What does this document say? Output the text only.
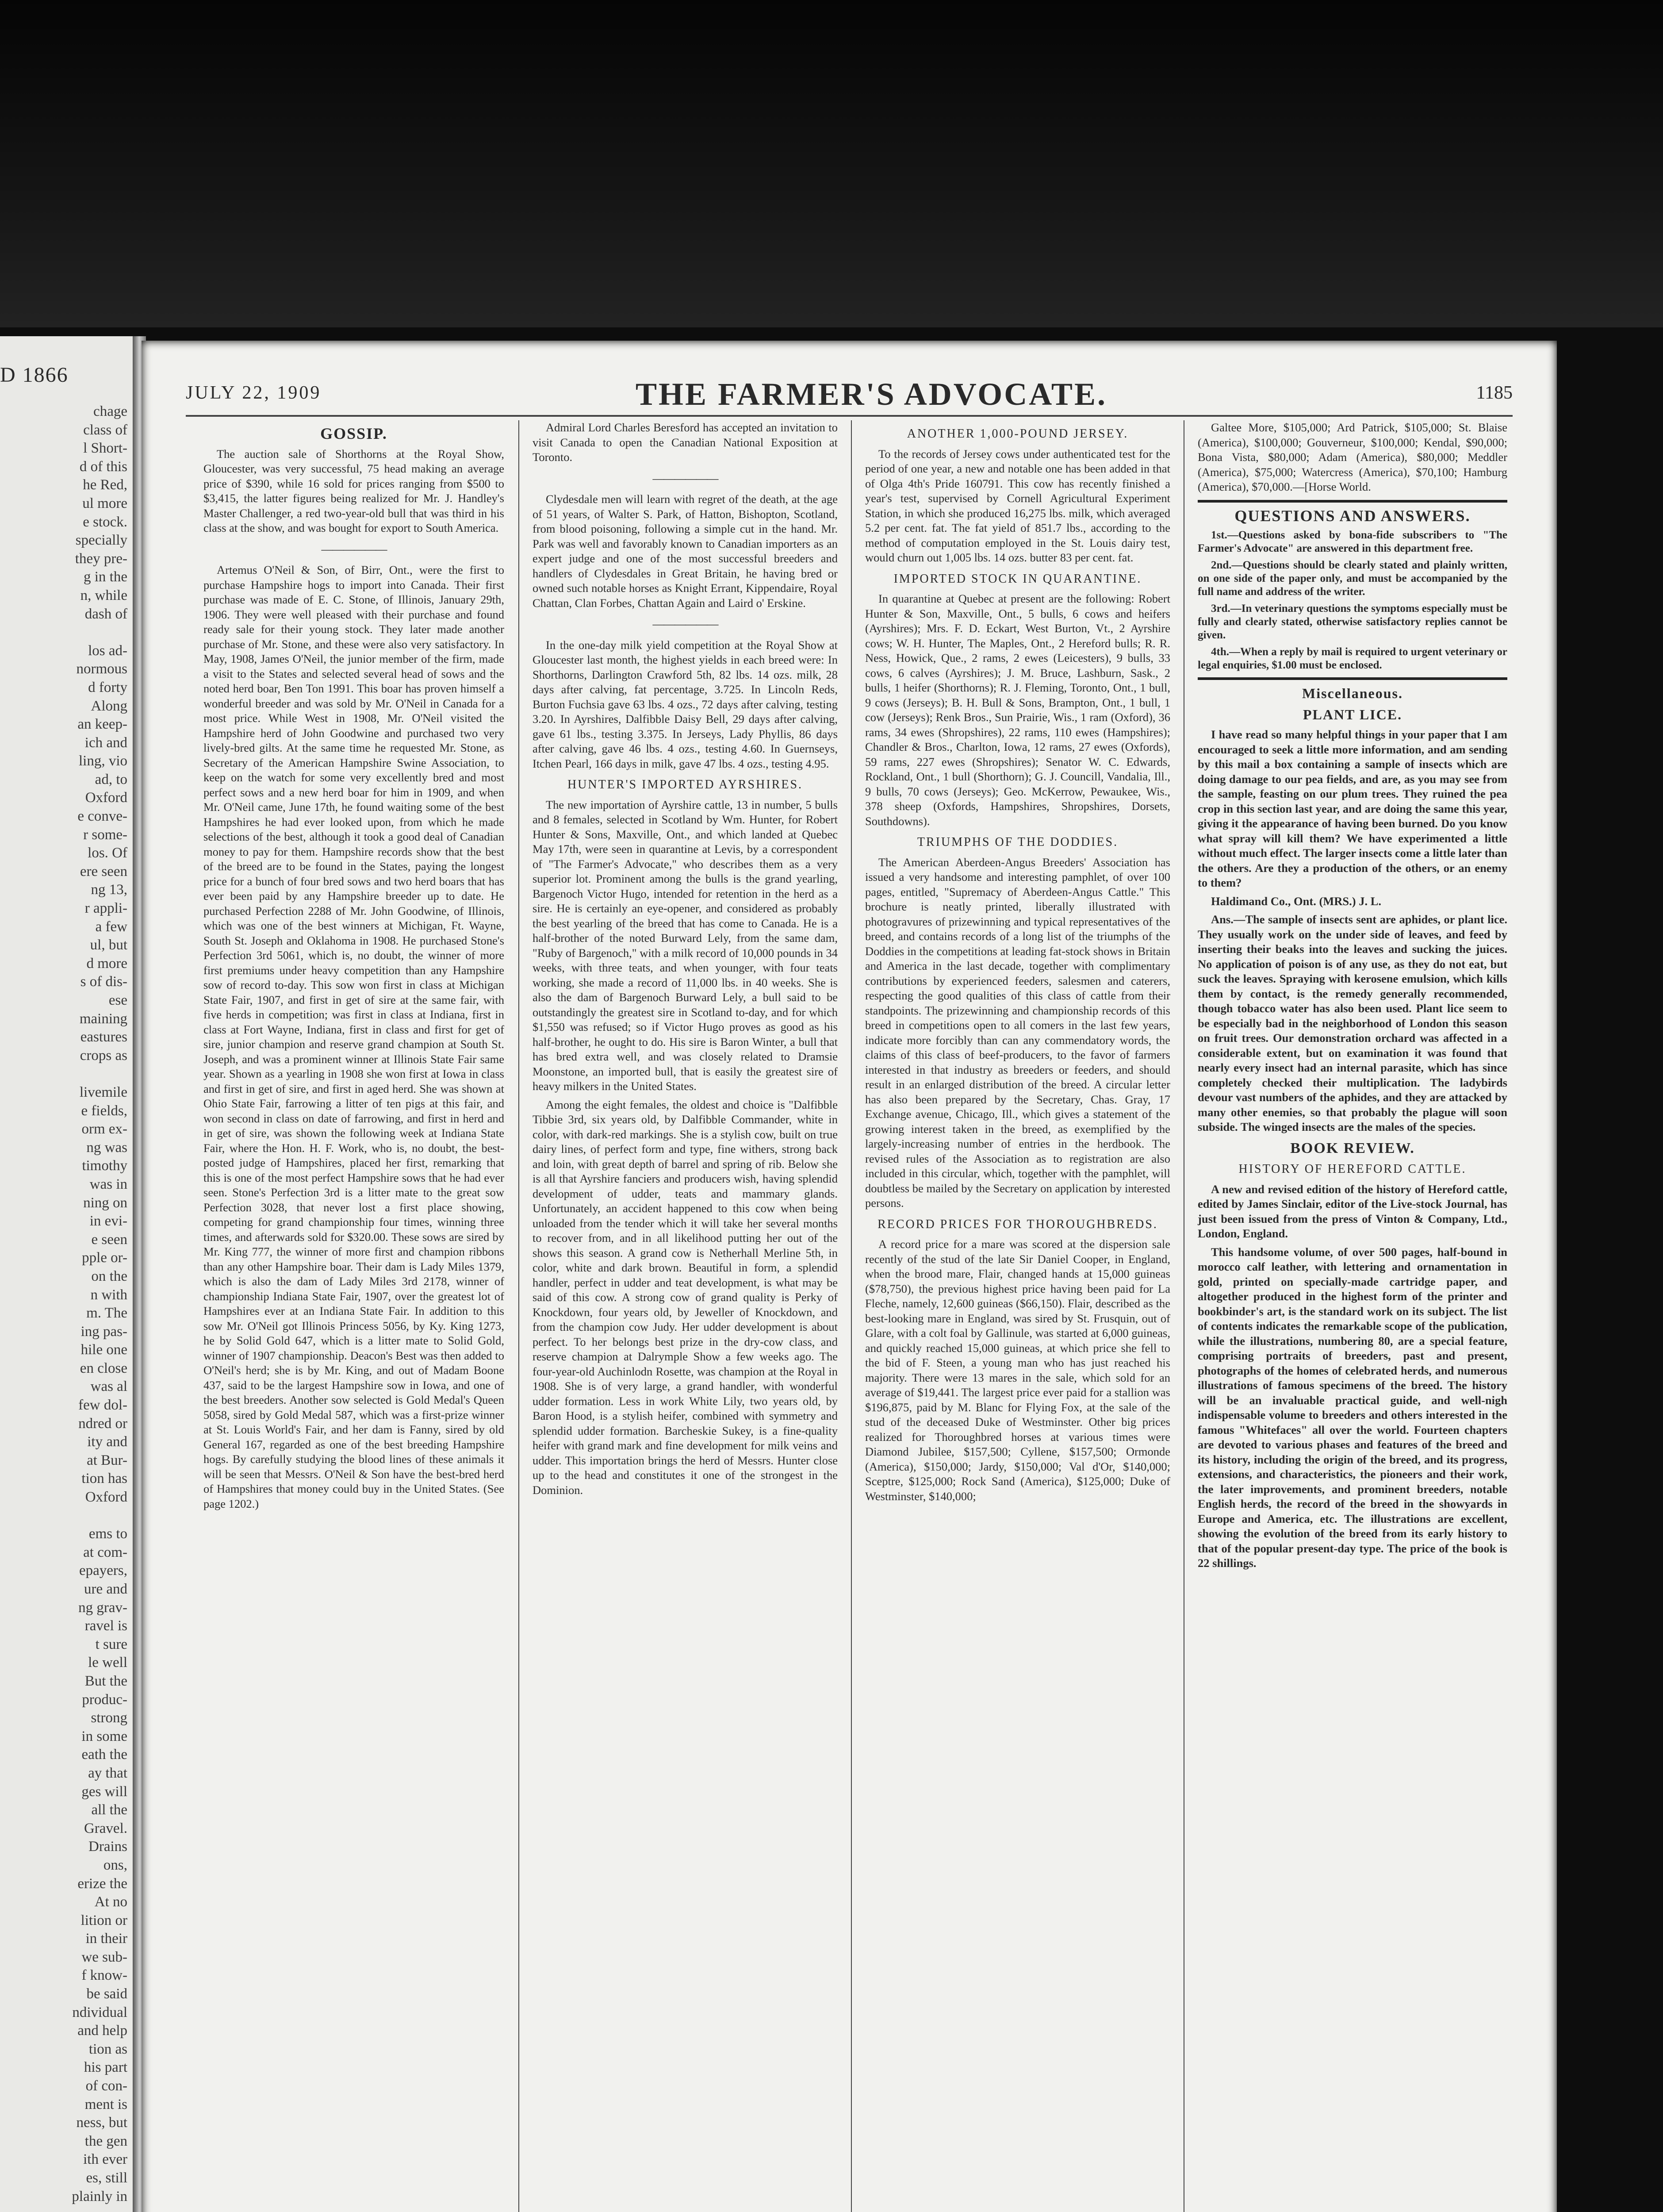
D 1866
chage
class of
l Short-
d of this
he Red,
ul more
e stock.
specially
they pre-
g in the
n, while
dash of

los ad-
normous
d forty
Along
an keep-
ich and
ling, vio
ad, to
Oxford
e conve-
r some-
los. Of
ere seen
ng 13,
r appli-
a few
ul, but
d more
s of dis-
ese
maining
eastures
crops as

livemile
e fields,
orm ex-
ng was
timothy
was in
ning on
in evi-
e seen
pple or-
on the
n with
m. The
ing pas-
hile one
en close
was al
few dol-
ndred or
ity and
at Bur-
tion has
Oxford

ems to
at com-
epayers,
ure and
ng grav-
ravel is
t sure
le well
But the
produc-
strong
in some
eath the
ay that
ges will
all the
Gravel.
Drains
ons,
erize the
At no
lition or
in their
we sub-
f know-
be said
ndividual
and help
tion as
his part
of con-
ment is
ness, but
the gen
ith ever
es, still
plainly in

JULY 22, 1909	THE FARMER'S ADVOCATE.	1185
GOSSIP.

The auction sale of Shorthorns at the Royal Show, Gloucester, was very successful, 75 head making an average price of $390, while 16 sold for prices ranging from $500 to $3,415, the latter figures being realized for Mr. J. Handley's Master Challenger, a red two-year-old bull that was third in his class at the show, and was bought for export to South America.

——————

Artemus O'Neil & Son, of Birr, Ont., were the first to purchase Hampshire hogs to import into Canada. Their first purchase was made of E. C. Stone, of Illinois, January 29th, 1906. They were well pleased with their purchase and found ready sale for their young stock. They later made another purchase of Mr. Stone, and these were also very satisfactory. In May, 1908, James O'Neil, the junior member of the firm, made a visit to the States and selected several head of sows and the noted herd boar, Ben Ton 1991. This boar has proven himself a wonderful breeder and was sold by Mr. O'Neil in Canada for a most price. While West in 1908, Mr. O'Neil visited the Hampshire herd of John Goodwine and purchased two very lively-bred gilts. At the same time he requested Mr. Stone, as Secretary of the American Hampshire Swine Association, to keep on the watch for some very excellently bred and most perfect sows and a new herd boar for him in 1909, and when Mr. O'Neil came, June 17th, he found waiting some of the best Hampshires he had ever looked upon, from which he made selections of the best, although it took a good deal of Canadian money to pay for them. Hampshire records show that the best of the breed are to be found in the States, paying the longest price for a bunch of four bred sows and two herd boars that has ever been paid by any Hampshire breeder up to date. He purchased Perfection 2288 of Mr. John Goodwine, of Illinois, which was one of the best winners at Michigan, Ft. Wayne, South St. Joseph and Oklahoma in 1908. He purchased Stone's Perfection 3rd 5061, which is, no doubt, the winner of more first premiums under heavy competition than any Hampshire sow of record to-day. This sow won first in class at Michigan State Fair, 1907, and first in get of sire at the same fair, with five herds in competition; was first in class at Indiana, first in class at Fort Wayne, Indiana, first in class and first for get of sire, junior champion and reserve grand champion at South St. Joseph, and was a prominent winner at Illinois State Fair same year. Shown as a yearling in 1908 she won first at Iowa in class and first in get of sire, and first in aged herd. She was shown at Ohio State Fair, farrowing a litter of ten pigs at this fair, and won second in class on date of farrowing, and first in herd and in get of sire, was shown the following week at Indiana State Fair, where the Hon. H. F. Work, who is, no doubt, the best-posted judge of Hampshires, placed her first, remarking that this is one of the most perfect Hampshire sows that he had ever seen. Stone's Perfection 3rd is a litter mate to the great sow Perfection 3028, that never lost a first place showing, competing for grand championship four times, winning three times, and afterwards sold for $320.00. These sows are sired by Mr. King 777, the winner of more first and champion ribbons than any other Hampshire boar. Their dam is Lady Miles 1379, which is also the dam of Lady Miles 3rd 2178, winner of championship Indiana State Fair, 1907, over the greatest lot of Hampshires ever at an Indiana State Fair. In addition to this sow Mr. O'Neil got Illinois Princess 5056, by Ky. King 1273, he by Solid Gold 647, which is a litter mate to Solid Gold, winner of 1907 championship. Deacon's Best was then added to O'Neil's herd; she is by Mr. King, and out of Madam Boone 437, said to be the largest Hampshire sow in Iowa, and one of the best breeders. Another sow selected is Gold Medal's Queen 5058, sired by Gold Medal 587, which was a first-prize winner at St. Louis World's Fair, and her dam is Fanny, sired by old General 167, regarded as one of the best breeding Hampshire hogs. By carefully studying the blood lines of these animals it will be seen that Messrs. O'Neil & Son have the best-bred herd of Hampshires that money could buy in the United States. (See page 1202.)

Admiral Lord Charles Beresford has accepted an invitation to visit Canada to open the Canadian National Exposition at Toronto.

——————

Clydesdale men will learn with regret of the death, at the age of 51 years, of Walter S. Park, of Hatton, Bishopton, Scotland, from blood poisoning, following a simple cut in the hand. Mr. Park was well and favorably known to Canadian importers as an expert judge and one of the most successful breeders and handlers of Clydesdales in Great Britain, he having bred or owned such notable horses as Knight Errant, Kippendaire, Royal Chattan, Clan Forbes, Chattan Again and Laird o' Erskine.

——————

In the one-day milk yield competition at the Royal Show at Gloucester last month, the highest yields in each breed were: In Shorthorns, Darlington Crawford 5th, 82 lbs. 14 ozs. milk, 28 days after calving, fat percentage, 3.725. In Lincoln Reds, Burton Fuchsia gave 63 lbs. 4 ozs., 72 days after calving, testing 3.20. In Ayrshires, Dalfibble Daisy Bell, 29 days after calving, gave 61 lbs., testing 3.375. In Jerseys, Lady Phyllis, 86 days after calving, gave 46 lbs. 4 ozs., testing 4.60. In Guernseys, Itchen Pearl, 166 days in milk, gave 47 lbs. 4 ozs., testing 4.95.

HUNTER'S IMPORTED AYRSHIRES.

The new importation of Ayrshire cattle, 13 in number, 5 bulls and 8 females, selected in Scotland by Wm. Hunter, for Robert Hunter & Sons, Maxville, Ont., and which landed at Quebec May 17th, were seen in quarantine at Levis, by a correspondent of "The Farmer's Advocate," who describes them as a very superior lot. Prominent among the bulls is the grand yearling, Bargenoch Victor Hugo, intended for retention in the herd as a sire. He is certainly an eye-opener, and considered as probably the best yearling of the breed that has come to Canada. He is a half-brother of the noted Burward Lely, from the same dam, "Ruby of Bargenoch," with a milk record of 10,000 pounds in 34 weeks, with three teats, and when younger, with four teats working, she made a record of 11,000 lbs. in 40 weeks. She is also the dam of Bargenoch Burward Lely, a bull said to be outstandingly the greatest sire in Scotland to-day, and for which $1,550 was refused; so if Victor Hugo proves as good as his half-brother, he ought to do. His sire is Baron Winter, a bull that has bred extra well, and was closely related to Dramsie Moonstone, an imported bull, that is easily the greatest sire of heavy milkers in the United States.

Among the eight females, the oldest and choice is "Dalfibble Tibbie 3rd, six years old, by Dalfibble Commander, white in color, with dark-red markings. She is a stylish cow, built on true dairy lines, of perfect form and type, fine withers, strong back and loin, with great depth of barrel and spring of rib. Below she is all that Ayrshire fanciers and producers wish, having splendid development of udder, teats and mammary glands. Unfortunately, an accident happened to this cow when being unloaded from the tender which it will take her several months to recover from, and in all likelihood putting her out of the shows this season. A grand cow is Netherhall Merline 5th, in color, white and dark brown. Beautiful in form, a splendid handler, perfect in udder and teat development, is what may be said of this cow. A strong cow of grand quality is Perky of Knockdown, four years old, by Jeweller of Knockdown, and from the champion cow Judy. Her udder development is about perfect. To her belongs best prize in the dry-cow class, and reserve champion at Dalrymple Show a few weeks ago. The four-year-old Auchinlodn Rosette, was champion at the Royal in 1908. She is of very large, a grand handler, with wonderful udder formation. Less in work White Lily, two years old, by Baron Hood, is a stylish heifer, combined with symmetry and splendid udder formation. Barcheskie Sukey, is a fine-quality heifer with grand mark and fine development for milk veins and udder. This importation brings the herd of Messrs. Hunter close up to the head and constitutes it one of the strongest in the Dominion.

ANOTHER 1,000-POUND JERSEY.

To the records of Jersey cows under authenticated test for the period of one year, a new and notable one has been added in that of Olga 4th's Pride 160791. This cow has recently finished a year's test, supervised by Cornell Agricultural Experiment Station, in which she produced 16,275 lbs. milk, which averaged 5.2 per cent. fat. The fat yield of 851.7 lbs., according to the method of computation employed in the St. Louis dairy test, would churn out 1,005 lbs. 14 ozs. butter 83 per cent. fat.

IMPORTED STOCK IN QUARANTINE.

In quarantine at Quebec at present are the following: Robert Hunter & Son, Maxville, Ont., 5 bulls, 6 cows and heifers (Ayrshires); Mrs. F. D. Eckart, West Burton, Vt., 2 Ayrshire cows; W. H. Hunter, The Maples, Ont., 2 Hereford bulls; R. R. Ness, Howick, Que., 2 rams, 2 ewes (Leicesters), 9 bulls, 33 cows, 6 calves (Ayrshires); J. M. Bruce, Lashburn, Sask., 2 bulls, 1 heifer (Shorthorns); R. J. Fleming, Toronto, Ont., 1 bull, 9 cows (Jerseys); B. H. Bull & Sons, Brampton, Ont., 1 bull, 1 cow (Jerseys); Renk Bros., Sun Prairie, Wis., 1 ram (Oxford), 36 rams, 34 ewes (Shropshires), 22 rams, 110 ewes (Hampshires); Chandler & Bros., Charlton, Iowa, 12 rams, 27 ewes (Oxfords), 59 rams, 227 ewes (Shropshires); Senator W. C. Edwards, Rockland, Ont., 1 bull (Shorthorn); G. J. Councill, Vandalia, Ill., 9 bulls, 70 cows (Jerseys); Geo. McKerrow, Pewaukee, Wis., 378 sheep (Oxfords, Hampshires, Shropshires, Dorsets, Southdowns).

TRIUMPHS OF THE DODDIES.

The American Aberdeen-Angus Breeders' Association has issued a very handsome and interesting pamphlet, of over 100 pages, entitled, "Supremacy of Aberdeen-Angus Cattle." This brochure is neatly printed, liberally illustrated with photogravures of prizewinning and typical representatives of the breed, and contains records of a long list of the triumphs of the Doddies in the competitions at leading fat-stock shows in Britain and America in the last decade, together with complimentary contributions by experienced feeders, salesmen and caterers, respecting the good qualities of this class of cattle from their standpoints. The prizewinning and championship records of this breed in competitions open to all comers in the last few years, indicate more forcibly than can any commendatory words, the claims of this class of beef-producers, to the favor of farmers interested in that industry as breeders or feeders, and should result in an enlarged distribution of the breed. A circular letter has also been prepared by the Secretary, Chas. Gray, 17 Exchange avenue, Chicago, Ill., which gives a statement of the growing interest taken in the breed, as exemplified by the largely-increasing number of entries in the herdbook. The revised rules of the Association as to registration are also included in this circular, which, together with the pamphlet, will doubtless be mailed by the Secretary on application by interested persons.

RECORD PRICES FOR THOROUGHBREDS.

A record price for a mare was scored at the dispersion sale recently of the stud of the late Sir Daniel Cooper, in England, when the brood mare, Flair, changed hands at 15,000 guineas ($78,750), the previous highest price having been paid for La Fleche, namely, 12,600 guineas ($66,150). Flair, described as the best-looking mare in England, was sired by St. Frusquin, out of Glare, with a colt foal by Gallinule, was started at 6,000 guineas, and quickly reached 15,000 guineas, at which price she fell to the bid of F. Steen, a young man who has just reached his majority. There were 13 mares in the sale, which sold for an average of $19,441. The largest price ever paid for a stallion was $196,875, paid by M. Blanc for Flying Fox, at the sale of the stud of the deceased Duke of Westminster. Other big prices realized for Thoroughbred horses at various times were Diamond Jubilee, $157,500; Cyllene, $157,500; Ormonde (America), $150,000; Jardy, $150,000; Val d'Or, $140,000; Sceptre, $125,000; Rock Sand (America), $125,000; Duke of Westminster, $140,000;

Galtee More, $105,000; Ard Patrick, $105,000; St. Blaise (America), $100,000; Gouverneur, $100,000; Kendal, $90,000; Bona Vista, $80,000; Adam (America), $80,000; Meddler (America), $75,000; Watercress (America), $70,100; Hamburg (America), $70,000.—[Horse World.

QUESTIONS AND ANSWERS.

1st.—Questions asked by bona-fide subscribers to "The Farmer's Advocate" are answered in this department free.

2nd.—Questions should be clearly stated and plainly written, on one side of the paper only, and must be accompanied by the full name and address of the writer.

3rd.—In veterinary questions the symptoms especially must be fully and clearly stated, otherwise satisfactory replies cannot be given.

4th.—When a reply by mail is required to urgent veterinary or legal enquiries, $1.00 must be enclosed.

Miscellaneous.
PLANT LICE.

I have read so many helpful things in your paper that I am encouraged to seek a little more information, and am sending by this mail a box containing a sample of insects which are doing damage to our pea fields, and are, as you may see from the sample, feasting on our plum trees. They ruined the pea crop in this section last year, and are doing the same this year, giving it the appearance of having been burned. Do you know what spray will kill them? We have experimented a little without much effect. The larger insects come a little later than the others. Are they a production of the others, or an enemy to them?

Haldimand Co., Ont. (MRS.) J. L.

Ans.—The sample of insects sent are aphides, or plant lice. They usually work on the under side of leaves, and feed by inserting their beaks into the leaves and sucking the juices. No application of poison is of any use, as they do not eat, but suck the leaves. Spraying with kerosene emulsion, which kills them by contact, is the remedy generally recommended, though tobacco water has also been used. Plant lice seem to be especially bad in the neighborhood of London this season on fruit trees. Our demonstration orchard was affected in a considerable extent, but on examination it was found that nearly every insect had an internal parasite, which has since completely checked their multiplication. The ladybirds devour vast numbers of the aphides, and they are attacked by many other enemies, so that probably the plague will soon subside. The winged insects are the males of the species.

BOOK REVIEW.
HISTORY OF HEREFORD CATTLE.

A new and revised edition of the history of Hereford cattle, edited by James Sinclair, editor of the Live-stock Journal, has just been issued from the press of Vinton & Company, Ltd., London, England.

This handsome volume, of over 500 pages, half-bound in morocco calf leather, with lettering and ornamentation in gold, printed on specially-made cartridge paper, and altogether produced in the highest form of the printer and bookbinder's art, is the standard work on its subject. The list of contents indicates the remarkable scope of the publication, while the illustrations, numbering 80, are a special feature, comprising portraits of breeders, past and present, photographs of the homes of celebrated herds, and numerous illustrations of famous specimens of the breed. The history will be an invaluable practical guide, and well-nigh indispensable volume to breeders and others interested in the famous "Whitefaces" all over the world. Fourteen chapters are devoted to various phases and features of the breed and its history, including the origin of the breed, and its progress, extensions, and characteristics, the pioneers and their work, the later improvements, and prominent breeders, notable English herds, the record of the breed in the showyards in Europe and America, etc. The illustrations are excellent, showing the evolution of the breed from its early history to that of the popular present-day type. The price of the book is 22 shillings.
